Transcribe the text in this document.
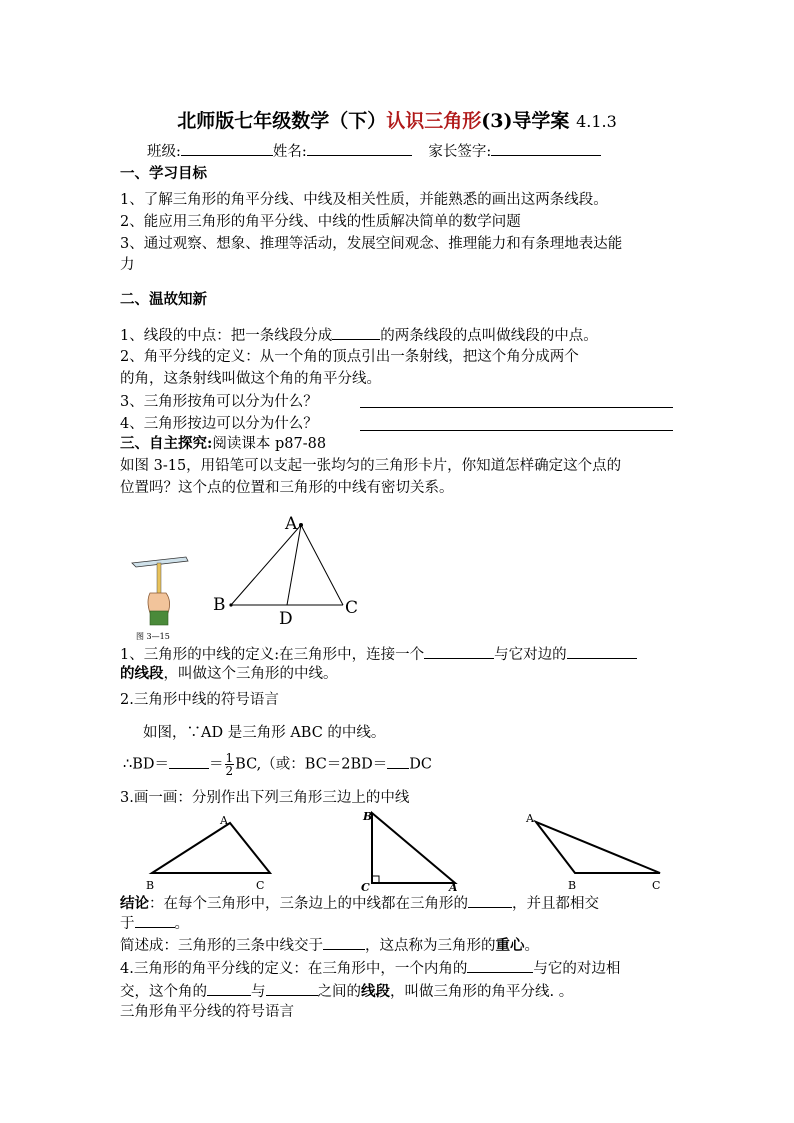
北师版七年级数学（下）认识三角形(3)导学案 4.1.3
班级:	姓名:	家长签字:
一、学习目标
1、了解三角形的角平分线、中线及相关性质，并能熟悉的画出这两条线段。
2、能应用三角形的角平分线、中线的性质解决简单的数学问题
3、通过观察、想象、推理等活动，发展空间观念、推理能力和有条理地表达能
力
二、温故知新
1、线段的中点：把一条线段分成	的两条线段的点叫做线段的中点。
2、角平分线的定义：从一个角的顶点引出一条射线，把这个角分成两个
的角，这条射线叫做这个角的角平分线。
3、三角形按角可以分为什么？
4、三角形按边可以分为什么？
三、自主探究:阅读课本 p87-88
如图 3-15，用铅笔可以支起一张均匀的三角形卡片，你知道怎样确定这个点的
位置吗？这个点的位置和三角形的中线有密切关系。
图 3—15
A
B
D
C
1、三角形的中线的定义:在三角形中，连接一个	与它对边的
的线段，叫做这个三角形的中线。
2.三角形中线的符号语言
如图，∵AD 是三角形 ABC 的中线。
∴BD＝	＝ $\frac{1}{2} BC$,（或：BC＝2BD＝ DC
3.画一画：分别作出下列三角形三边上的中线
A
B	C
B
C	A
A
B	C
结论：在每个三角形中，三条边上的中线都在三角形的	，并且都相交
于	。
简述成：三角形的三条中线交于	，这点称为三角形的重心。
4.三角形的角平分线的定义：在三角形中，一个内角的	与它的对边相
交，这个角的	与	之间的线段，叫做三角形的角平分线. 。
三角形角平分线的符号语言
